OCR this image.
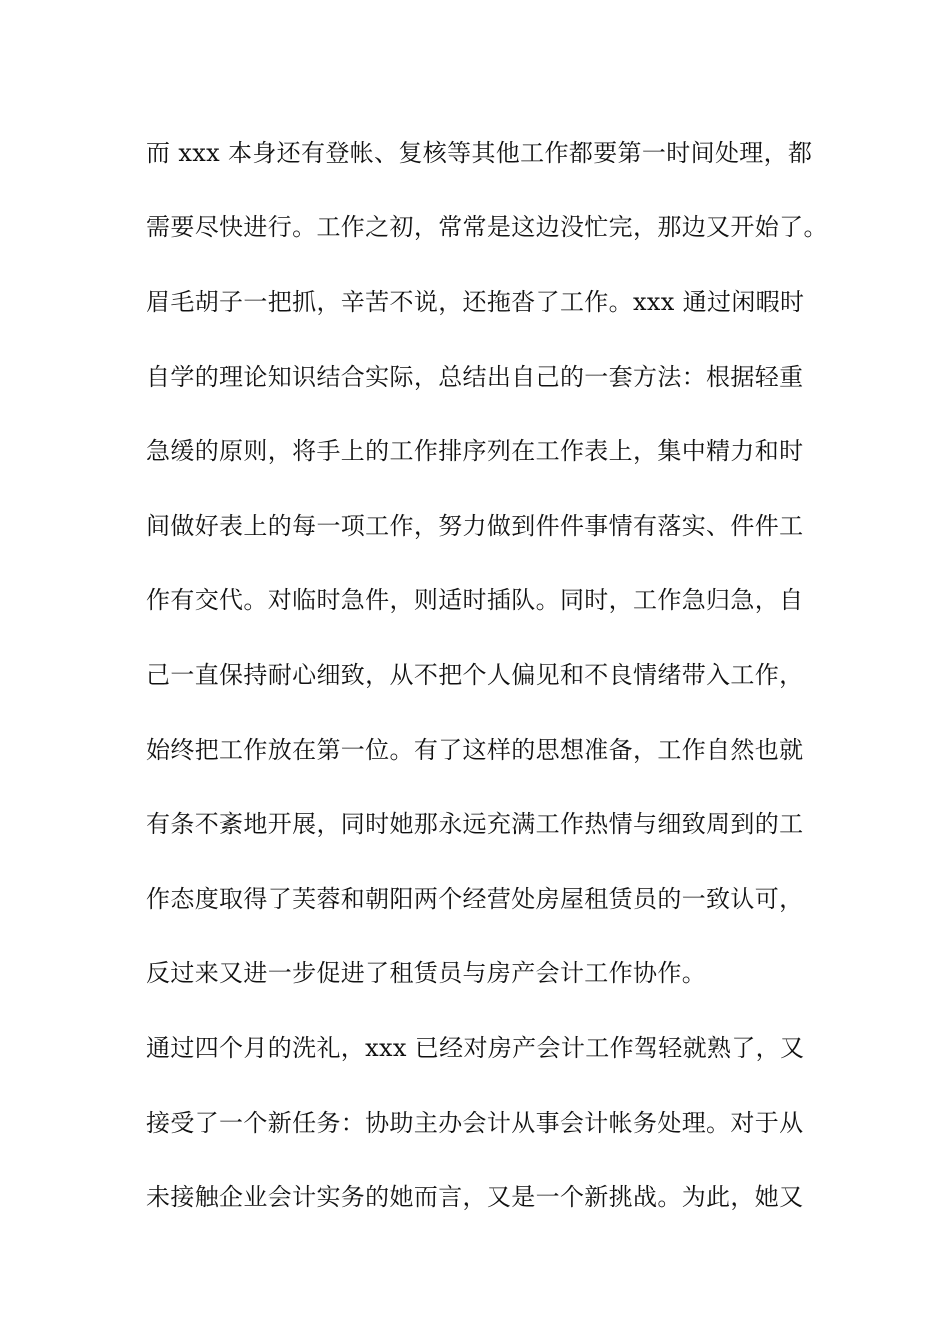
而 xxx 本身还有登帐、复核等其他工作都要第一时间处理，都

需要尽快进行。工作之初，常常是这边没忙完，那边又开始了。

眉毛胡子一把抓，辛苦不说，还拖沓了工作。xxx 通过闲暇时

自学的理论知识结合实际，总结出自己的一套方法：根据轻重

急缓的原则，将手上的工作排序列在工作表上，集中精力和时

间做好表上的每一项工作，努力做到件件事情有落实、件件工

作有交代。对临时急件，则适时插队。同时，工作急归急，自

己一直保持耐心细致，从不把个人偏见和不良情绪带入工作，

始终把工作放在第一位。有了这样的思想准备，工作自然也就

有条不紊地开展，同时她那永远充满工作热情与细致周到的工

作态度取得了芙蓉和朝阳两个经营处房屋租赁员的一致认可，

反过来又进一步促进了租赁员与房产会计工作协作。

通过四个月的洗礼，xxx 已经对房产会计工作驾轻就熟了，又

接受了一个新任务：协助主办会计从事会计帐务处理。对于从

未接触企业会计实务的她而言，又是一个新挑战。为此，她又
